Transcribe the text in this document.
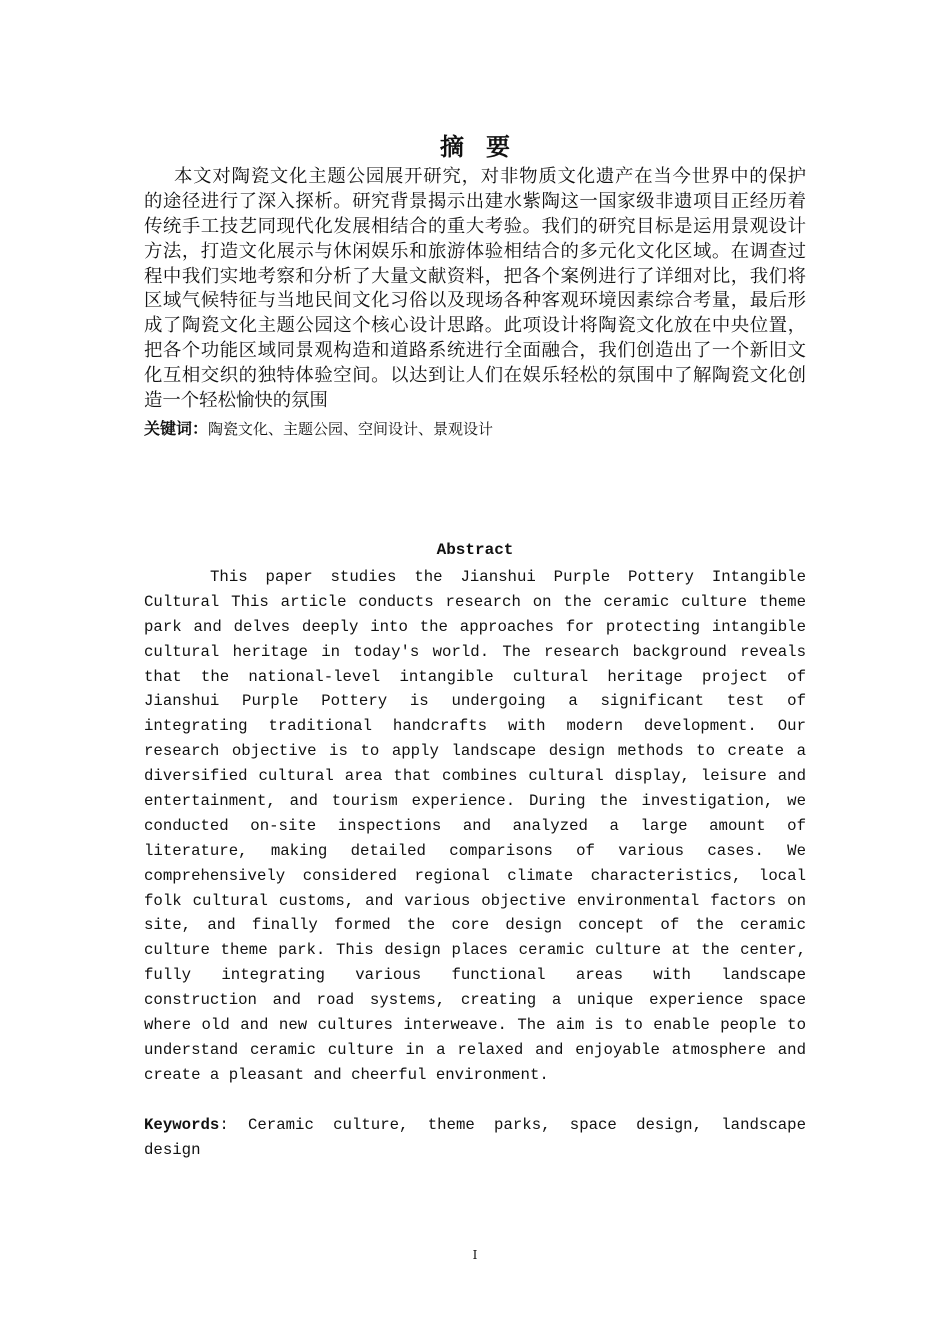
摘要
本文对陶瓷文化主题公园展开研究，对非物质文化遗产在当今世界中的保护
的途径进行了深入探析。研究背景揭示出建水紫陶这一国家级非遗项目正经历着
传统手工技艺同现代化发展相结合的重大考验。我们的研究目标是运用景观设计
方法，打造文化展示与休闲娱乐和旅游体验相结合的多元化文化区域。在调查过
程中我们实地考察和分析了大量文献资料，把各个案例进行了详细对比，我们将
区域气候特征与当地民间文化习俗以及现场各种客观环境因素综合考量，最后形
成了陶瓷文化主题公园这个核心设计思路。此项设计将陶瓷文化放在中央位置，
把各个功能区域同景观构造和道路系统进行全面融合，我们创造出了一个新旧文
化互相交织的独特体验空间。以达到让人们在娱乐轻松的氛围中了解陶瓷文化创
造一个轻松愉快的氛围
关键词：陶瓷文化、主题公园、空间设计、景观设计
Abstract
This paper studies the Jianshui Purple Pottery Intangible
Cultural This article conducts research on the ceramic culture theme
park and delves deeply into the approaches for protecting intangible
cultural heritage in today's world. The research background reveals
that the national-level intangible cultural heritage project of
Jianshui Purple Pottery is undergoing a significant test of
integrating traditional handcrafts with modern development. Our
research objective is to apply landscape design methods to create a
diversified cultural area that combines cultural display, leisure and
entertainment, and tourism experience. During the investigation, we
conducted on-site inspections and analyzed a large amount of
literature, making detailed comparisons of various cases. We
comprehensively considered regional climate characteristics, local
folk cultural customs, and various objective environmental factors on
site, and finally formed the core design concept of the ceramic
culture theme park. This design places ceramic culture at the center,
fully integrating various functional areas with landscape
construction and road systems, creating a unique experience space
where old and new cultures interweave. The aim is to enable people to
understand ceramic culture in a relaxed and enjoyable atmosphere and
create a pleasant and cheerful environment.
Keywords: Ceramic culture, theme parks, space design, landscape
design
I
